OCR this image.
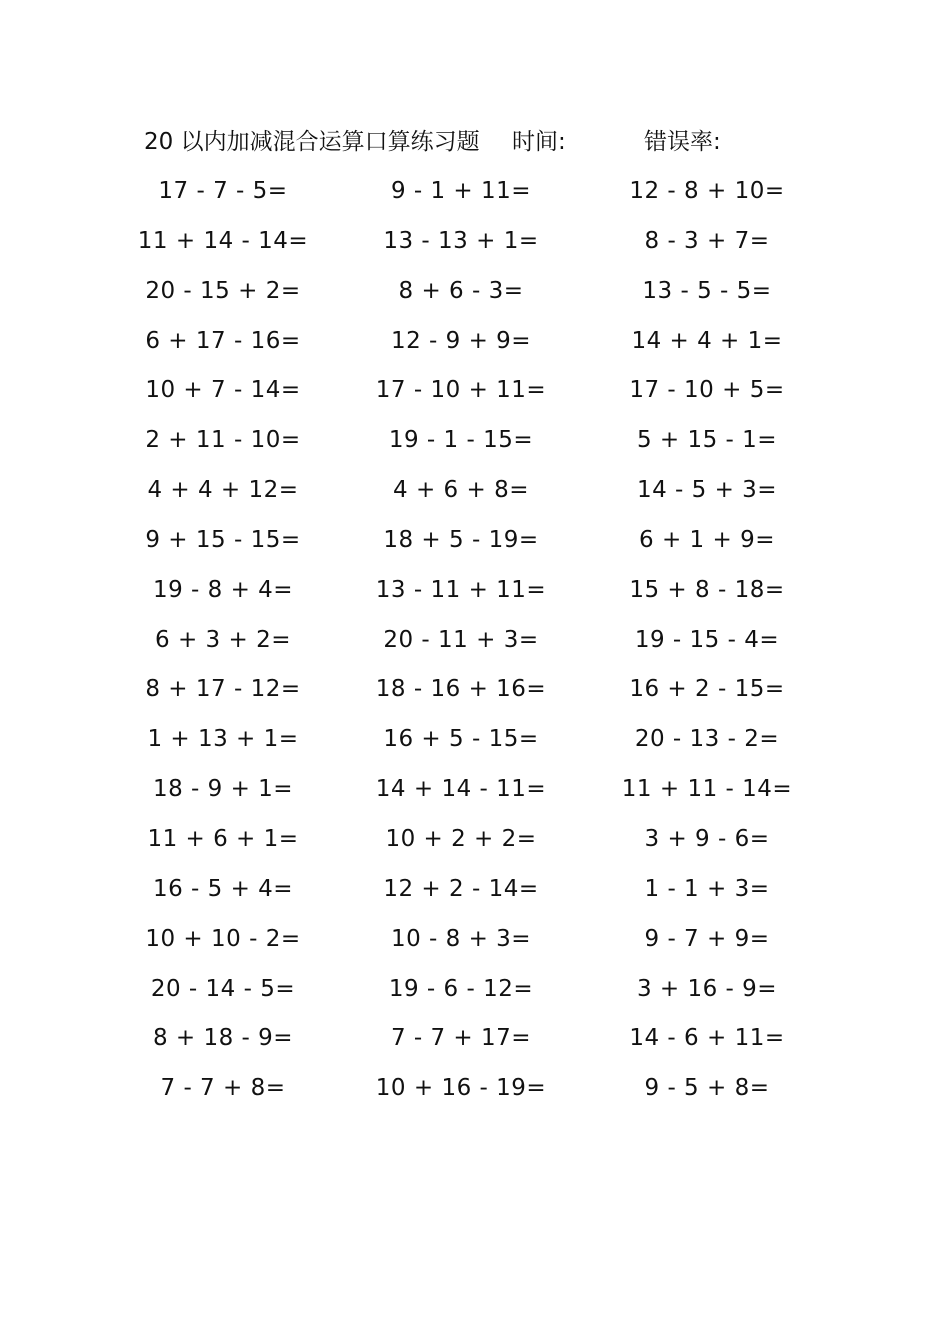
20 以内加减混合运算口算练习题 时间:	错误率:
17 - 7 - 5=	9 - 1 + 11=	12 - 8 + 10=
11 + 14 - 14=	13 - 13 + 1=	8 - 3 + 7=
20 - 15 + 2=	8 + 6 - 3=	13 - 5 - 5=
6 + 17 - 16=	12 - 9 + 9=	14 + 4 + 1=
10 + 7 - 14=	17 - 10 + 11=	17 - 10 + 5=
2 + 11 - 10=	19 - 1 - 15=	5 + 15 - 1=
4 + 4 + 12=	4 + 6 + 8=	14 - 5 + 3=
9 + 15 - 15=	18 + 5 - 19=	6 + 1 + 9=
19 - 8 + 4=	13 - 11 + 11=	15 + 8 - 18=
6 + 3 + 2=	20 - 11 + 3=	19 - 15 - 4=
8 + 17 - 12=	18 - 16 + 16=	16 + 2 - 15=
1 + 13 + 1=	16 + 5 - 15=	20 - 13 - 2=
18 - 9 + 1=	14 + 14 - 11=	11 + 11 - 14=
11 + 6 + 1=	10 + 2 + 2=	3 + 9 - 6=
16 - 5 + 4=	12 + 2 - 14=	1 - 1 + 3=
10 + 10 - 2=	10 - 8 + 3=	9 - 7 + 9=
20 - 14 - 5=	19 - 6 - 12=	3 + 16 - 9=
8 + 18 - 9=	7 - 7 + 17=	14 - 6 + 11=
7 - 7 + 8=	10 + 16 - 19=	9 - 5 + 8=
